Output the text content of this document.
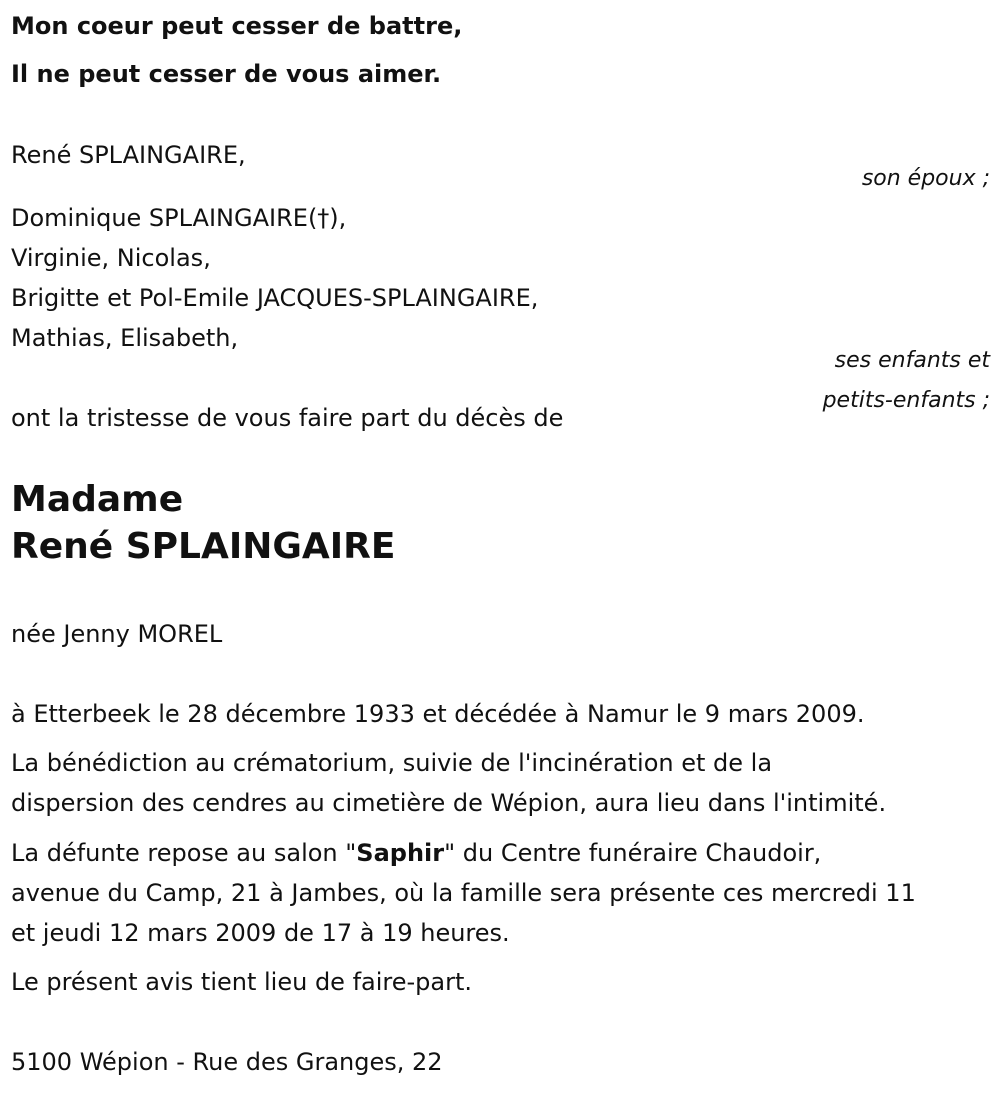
Mon coeur peut cesser de battre,
Il ne peut cesser de vous aimer.
René SPLAINGAIRE,
son époux ;
Dominique SPLAINGAIRE(†),
Virginie, Nicolas,
Brigitte et Pol-Emile JACQUES-SPLAINGAIRE,
Mathias, Elisabeth,
ses enfants et
petits-enfants ;
ont la tristesse de vous faire part du décès de
Madame
René SPLAINGAIRE
née Jenny MOREL
à Etterbeek le 28 décembre 1933 et décédée à Namur le 9 mars 2009.
La bénédiction au crématorium, suivie de l'incinération et de la
dispersion des cendres au cimetière de Wépion, aura lieu dans l'intimité.
La défunte repose au salon "Saphir" du Centre funéraire Chaudoir,
avenue du Camp, 21 à Jambes, où la famille sera présente ces mercredi 11
et jeudi 12 mars 2009 de 17 à 19 heures.
Le présent avis tient lieu de faire-part.
5100 Wépion - Rue des Granges, 22
